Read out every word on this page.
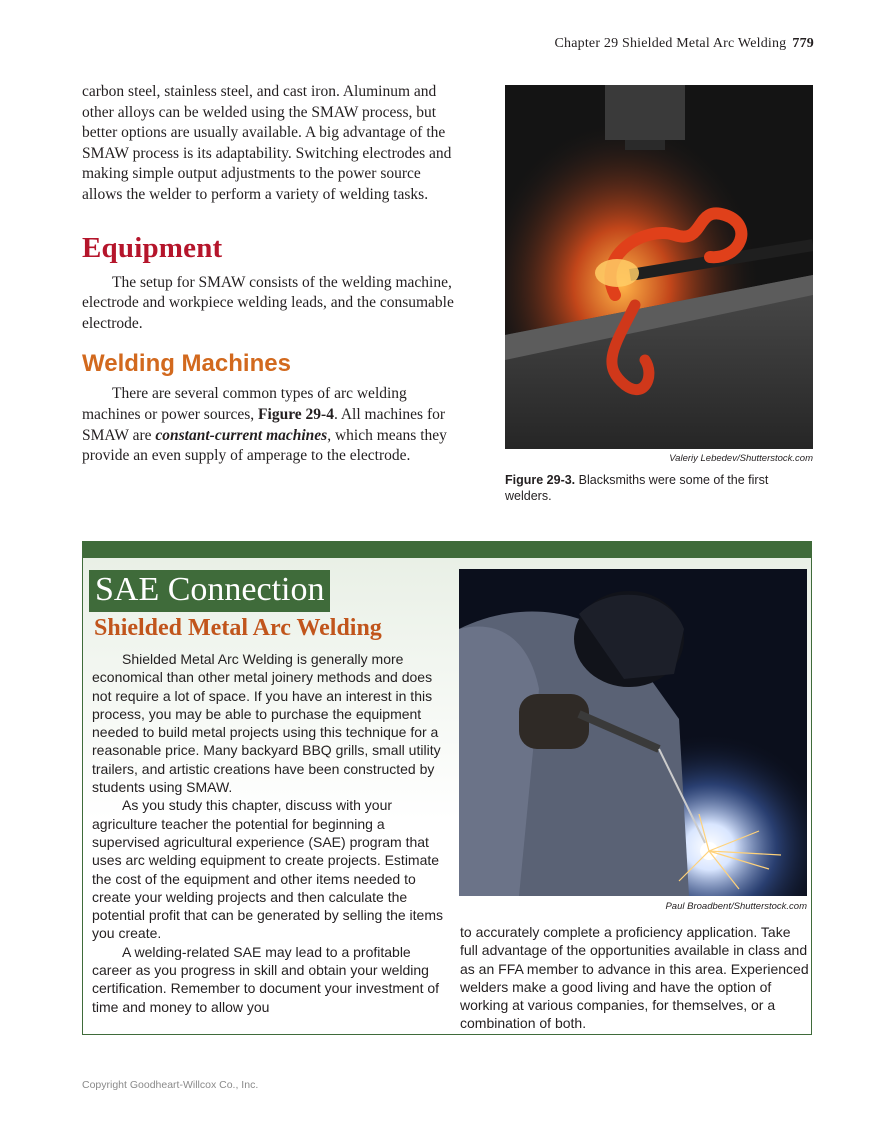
Chapter 29 Shielded Metal Arc Welding 779

carbon steel, stainless steel, and cast iron. Aluminum and other alloys can be welded using the SMAW process, but better options are usually available. A big advantage of the SMAW process is its adaptability. Switching electrodes and making simple output adjustments to the power source allows the welder to perform a variety of welding tasks.

Equipment

The setup for SMAW consists of the welding machine, electrode and workpiece welding leads, and the consumable electrode.

Welding Machines

There are several common types of arc welding machines or power sources, Figure 29-4. All machines for SMAW are constant-current machines, which means they provide an even supply of amperage to the electrode.	Valeriy Lebedev/Shutterstock.com
Figure 29-3. Blacksmiths were some of the first welders.
SAE Connection
Shielded Metal Arc Welding

Shielded Metal Arc Welding is generally more economical than other metal joinery methods and does not require a lot of space. If you have an interest in this process, you may be able to purchase the equipment needed to build metal projects using this technique for a reasonable price. Many backyard BBQ grills, small utility trailers, and artistic creations have been constructed by students using SMAW.

As you study this chapter, discuss with your agriculture teacher the potential for beginning a supervised agricultural experience (SAE) program that uses arc welding equipment to create projects. Estimate the cost of the equipment and other items needed to create your welding projects and then calculate the potential profit that can be generated by selling the items you create.

A welding-related SAE may lead to a profitable career as you progress in skill and obtain your welding certification. Remember to document your investment of time and money to allow you

Paul Broadbent/Shutterstock.com

to accurately complete a proficiency application. Take full advantage of the opportunities available in class and as an FFA member to advance in this area. Experienced welders make a good living and have the option of working at various companies, for themselves, or a combination of both.

Copyright Goodheart-Willcox Co., Inc.
